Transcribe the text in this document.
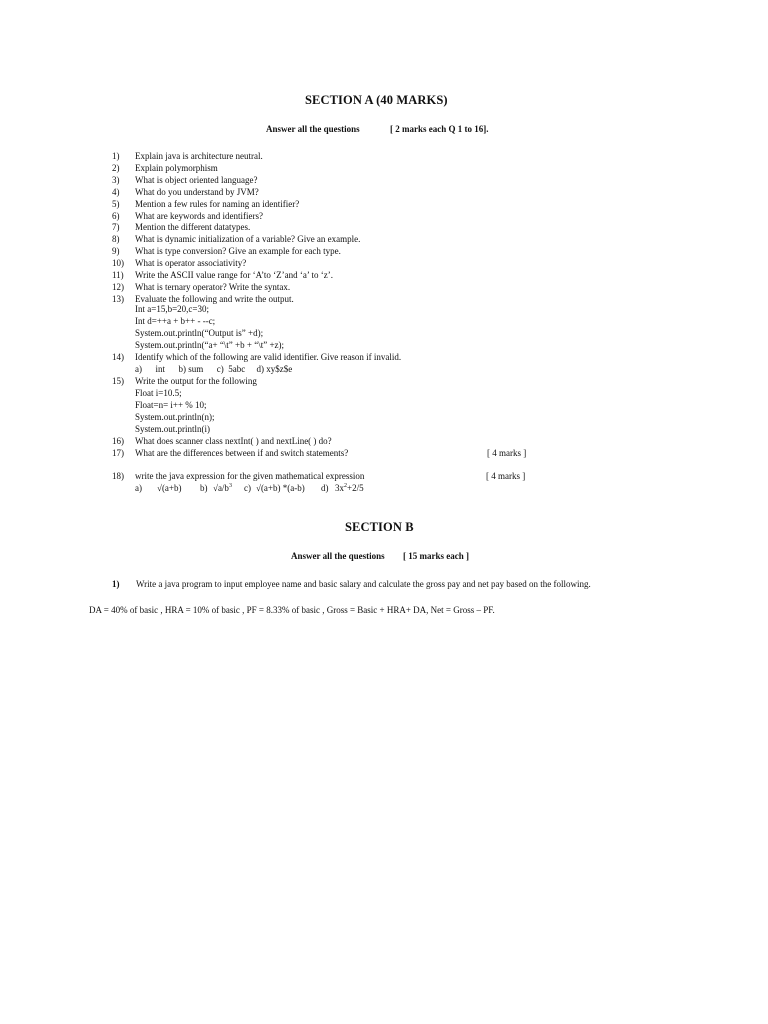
SECTION A (40 MARKS)
Answer all the questions	[ 2 marks each Q 1 to 16].
1)	Explain java is architecture neutral.
2)	Explain polymorphism
3)	What is object oriented language?
4)	What do you understand by JVM?
5)	Mention a few rules for naming an identifier?
6)	What are keywords and identifiers?
7)	Mention the different datatypes.
8)	What is dynamic initialization of a variable? Give an example.
9)	What is type conversion? Give an example for each type.
10)	What is operator associativity?
11)	Write the ASCII value range for ‘A’to ‘Z’and ‘a’ to ‘z’.
12)	What is ternary operator? Write the syntax.
13)	Evaluate the following and write the output.
Int a=15,b=20,c=30;
Int d=++a + b++ - --c;
System.out.println(“Output is” +d);
System.out.println(“a+ “\t” +b + “\t” +z);
14)	Identify which of the following are valid identifier. Give reason if invalid.
a)      int      b) sum      c)  5abc     d) xy$z$e
15)	Write the output for the following
Float i=10.5;
Float=n= i++ % 10;
System.out.println(n);
System.out.println(i)
16)	What does scanner class nextInt( ) and nextLine( ) do?
17)	What are the differences between if and switch statements?	[ 4 marks ]
18)	write the java expression for the given mathematical expression	[ 4 marks ]
a) √(a+b) b) $√a/b^3$ c) √(a+b) *(a-b) d) $3x^2+2/5$
SECTION B
Answer all the questions [ 15 marks each ]
1) Write a java program to input employee name and basic salary and calculate the gross pay and net pay based on the following.
DA = 40% of basic , HRA = 10% of basic , PF = 8.33% of basic , Gross = Basic + HRA+ DA, Net = Gross – PF.
